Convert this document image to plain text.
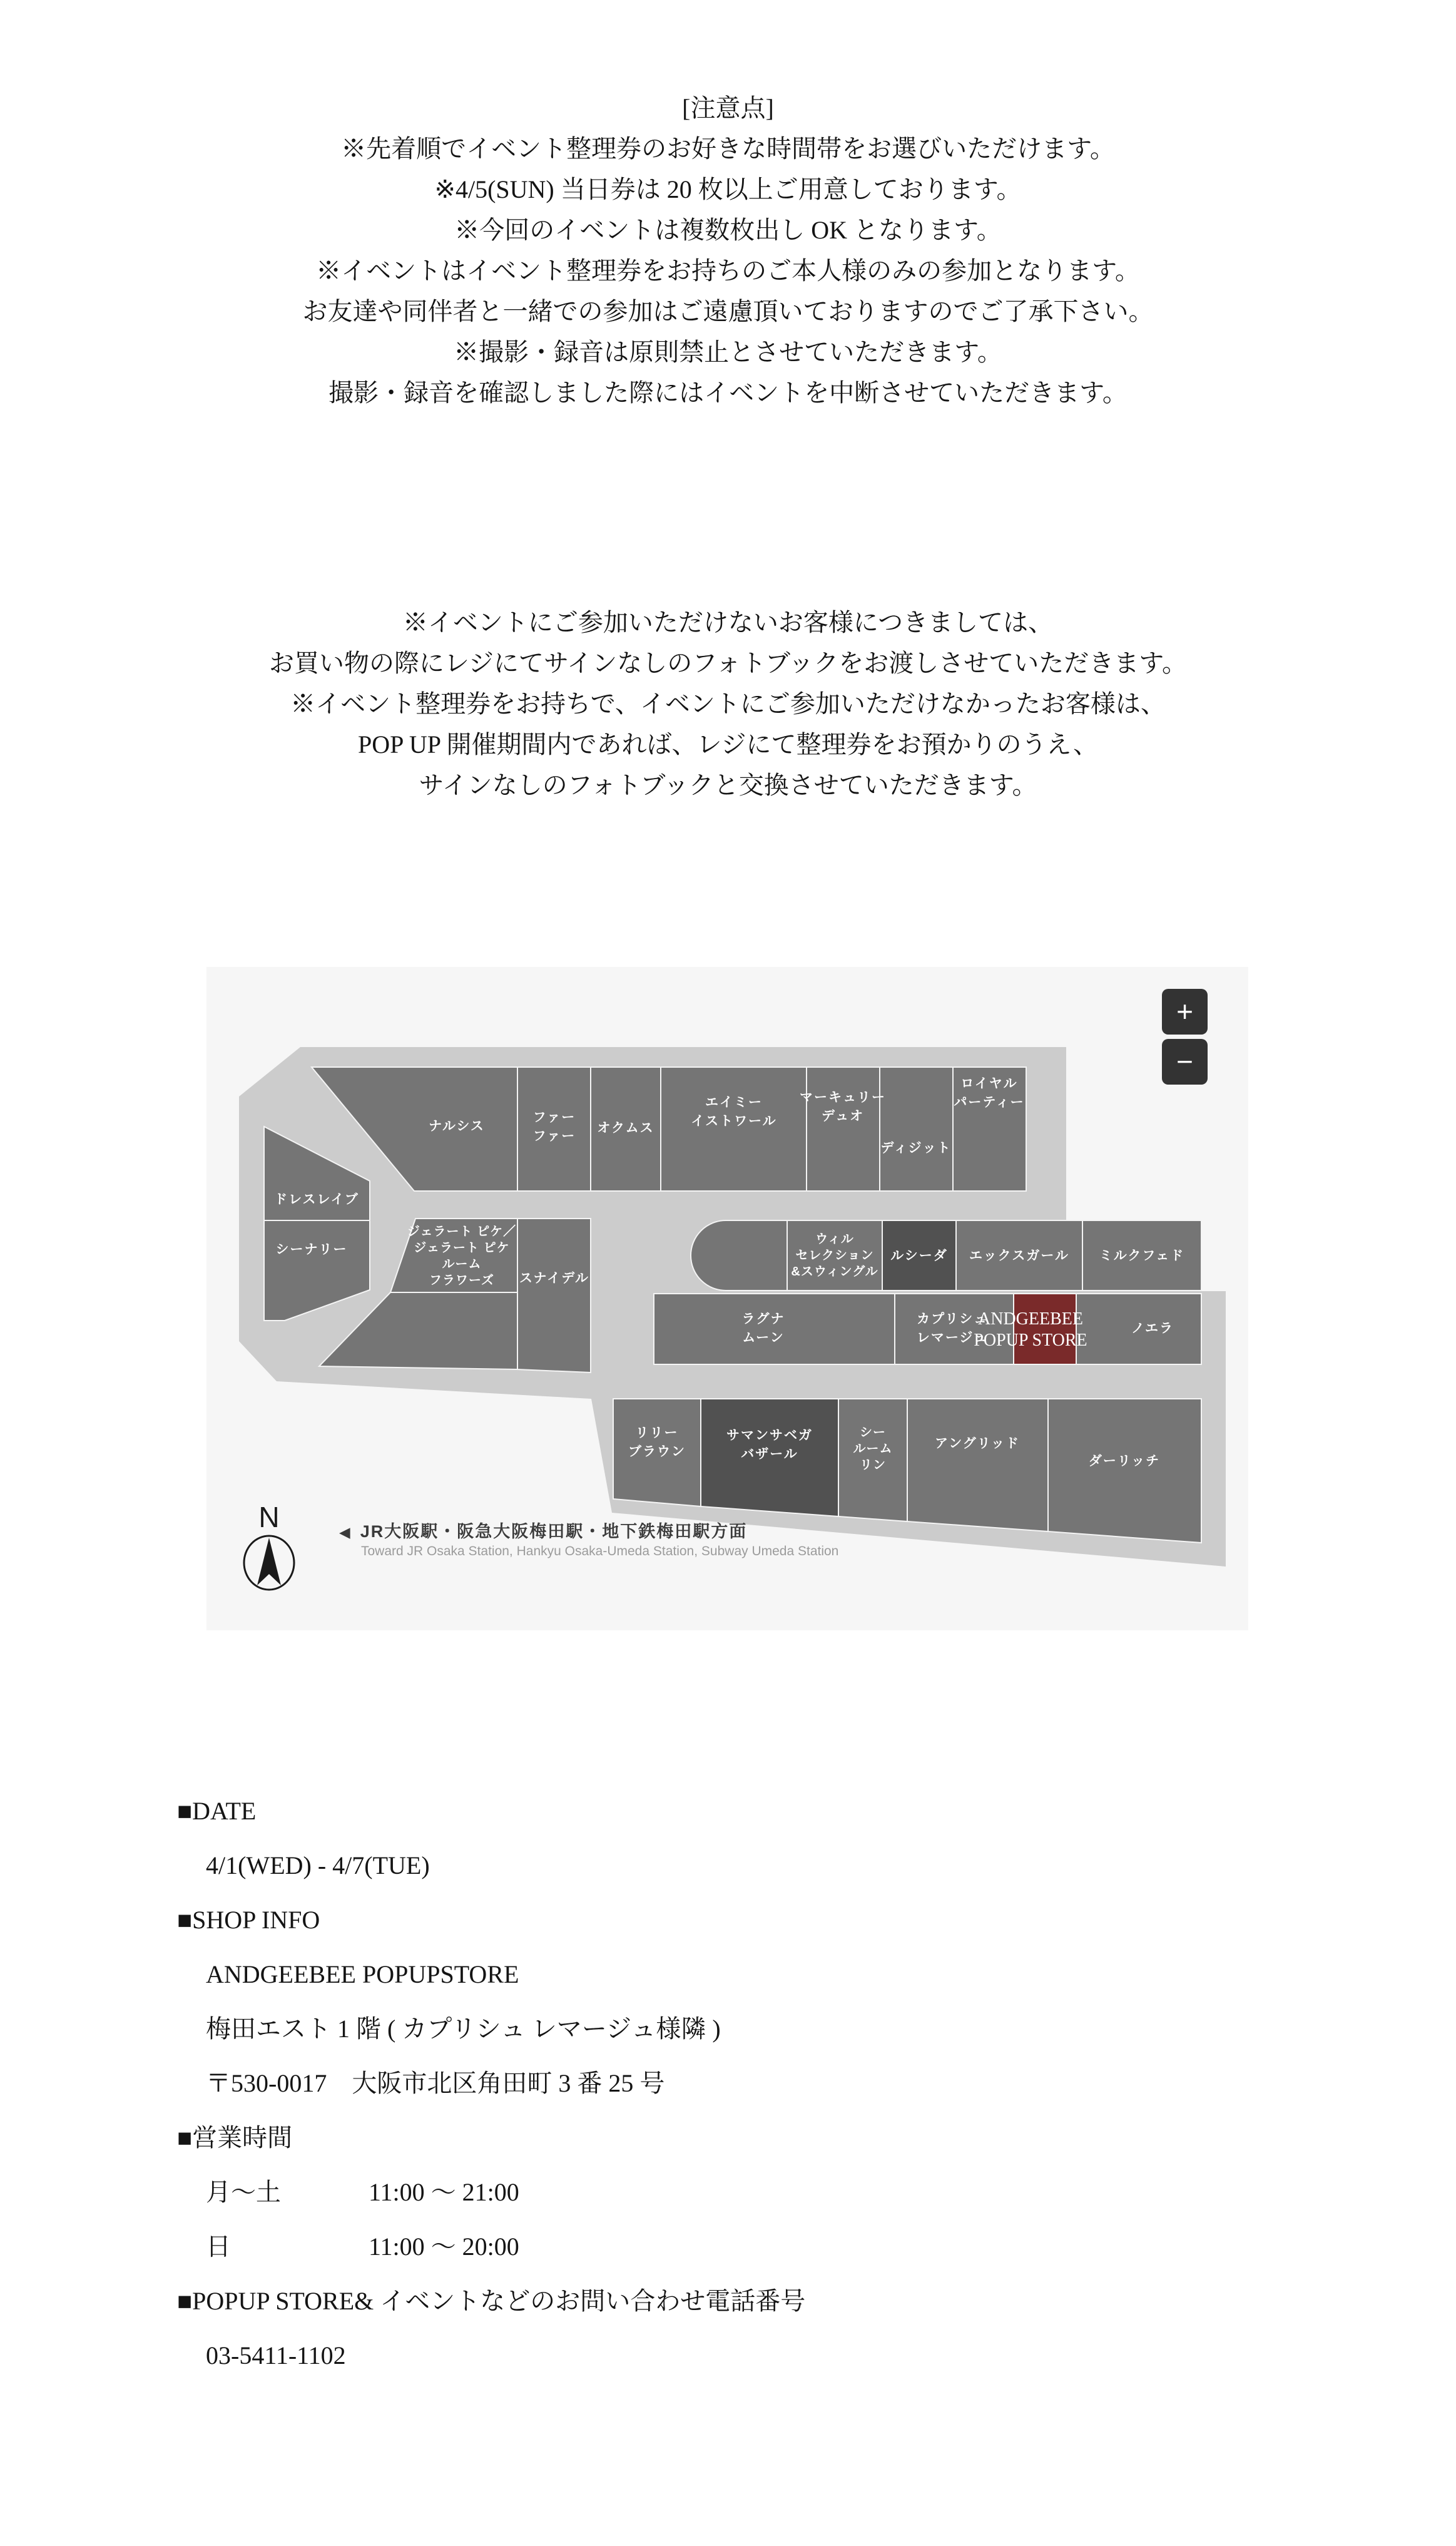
[注意点]
※先着順でイベント整理券のお好きな時間帯をお選びいただけます。
※4/5(SUN) 当日券は 20 枚以上ご用意しております。
※今回のイベントは複数枚出し OK となります。
※イベントはイベント整理券をお持ちのご本人様のみの参加となります。
お友達や同伴者と一緒での参加はご遠慮頂いておりますのでご了承下さい。
※撮影・録音は原則禁止とさせていただきます。
撮影・録音を確認しました際にはイベントを中断させていただきます。
※イベントにご参加いただけないお客様につきましては、
お買い物の際にレジにてサインなしのフォトブックをお渡しさせていただきます。
※イベント整理券をお持ちで、イベントにご参加いただけなかったお客様は、
POP UP 開催期間内であれば、レジにて整理券をお預かりのうえ、
サインなしのフォトブックと交換させていただきます。
+
−
ナルシス
ファー
ファー
オクムス
エイミー
イストワール
マーキュリー
デュオ
ディジット
ロイヤル
パーティー
ドレスレイブ
シーナリー
ジェラート ピケ／
ジェラート ピケ
ルーム
フラワーズ	スナイデル
ウィル
セレクション
&スウィングル
ルシーダ エックスガール ミルクフェド
ラグナ
ムーン
カプリシュ
レマージュ
ノエラ
リリー
ブラウン
サマンサベガ
バザール
シー
ルーム
リン
アングリッド
ダーリッチ
ANDGEEBEE
POPUP STORE
N	◀ JR大阪駅・阪急大阪梅田駅・地下鉄梅田駅方面
Toward JR Osaka Station, Hankyu Osaka-Umeda Station, Subway Umeda Station
■DATE
4/1(WED) - 4/7(TUE)
■SHOP INFO
ANDGEEBEE POPUPSTORE
梅田エスト 1 階 ( カプリシュ レマージュ様隣 )
〒530-0017　大阪市北区角田町 3 番 25 号
■営業時間
月～土	11:00 ～ 21:00
日	11:00 ～ 20:00
■POPUP STORE& イベントなどのお問い合わせ電話番号
03-5411-1102
